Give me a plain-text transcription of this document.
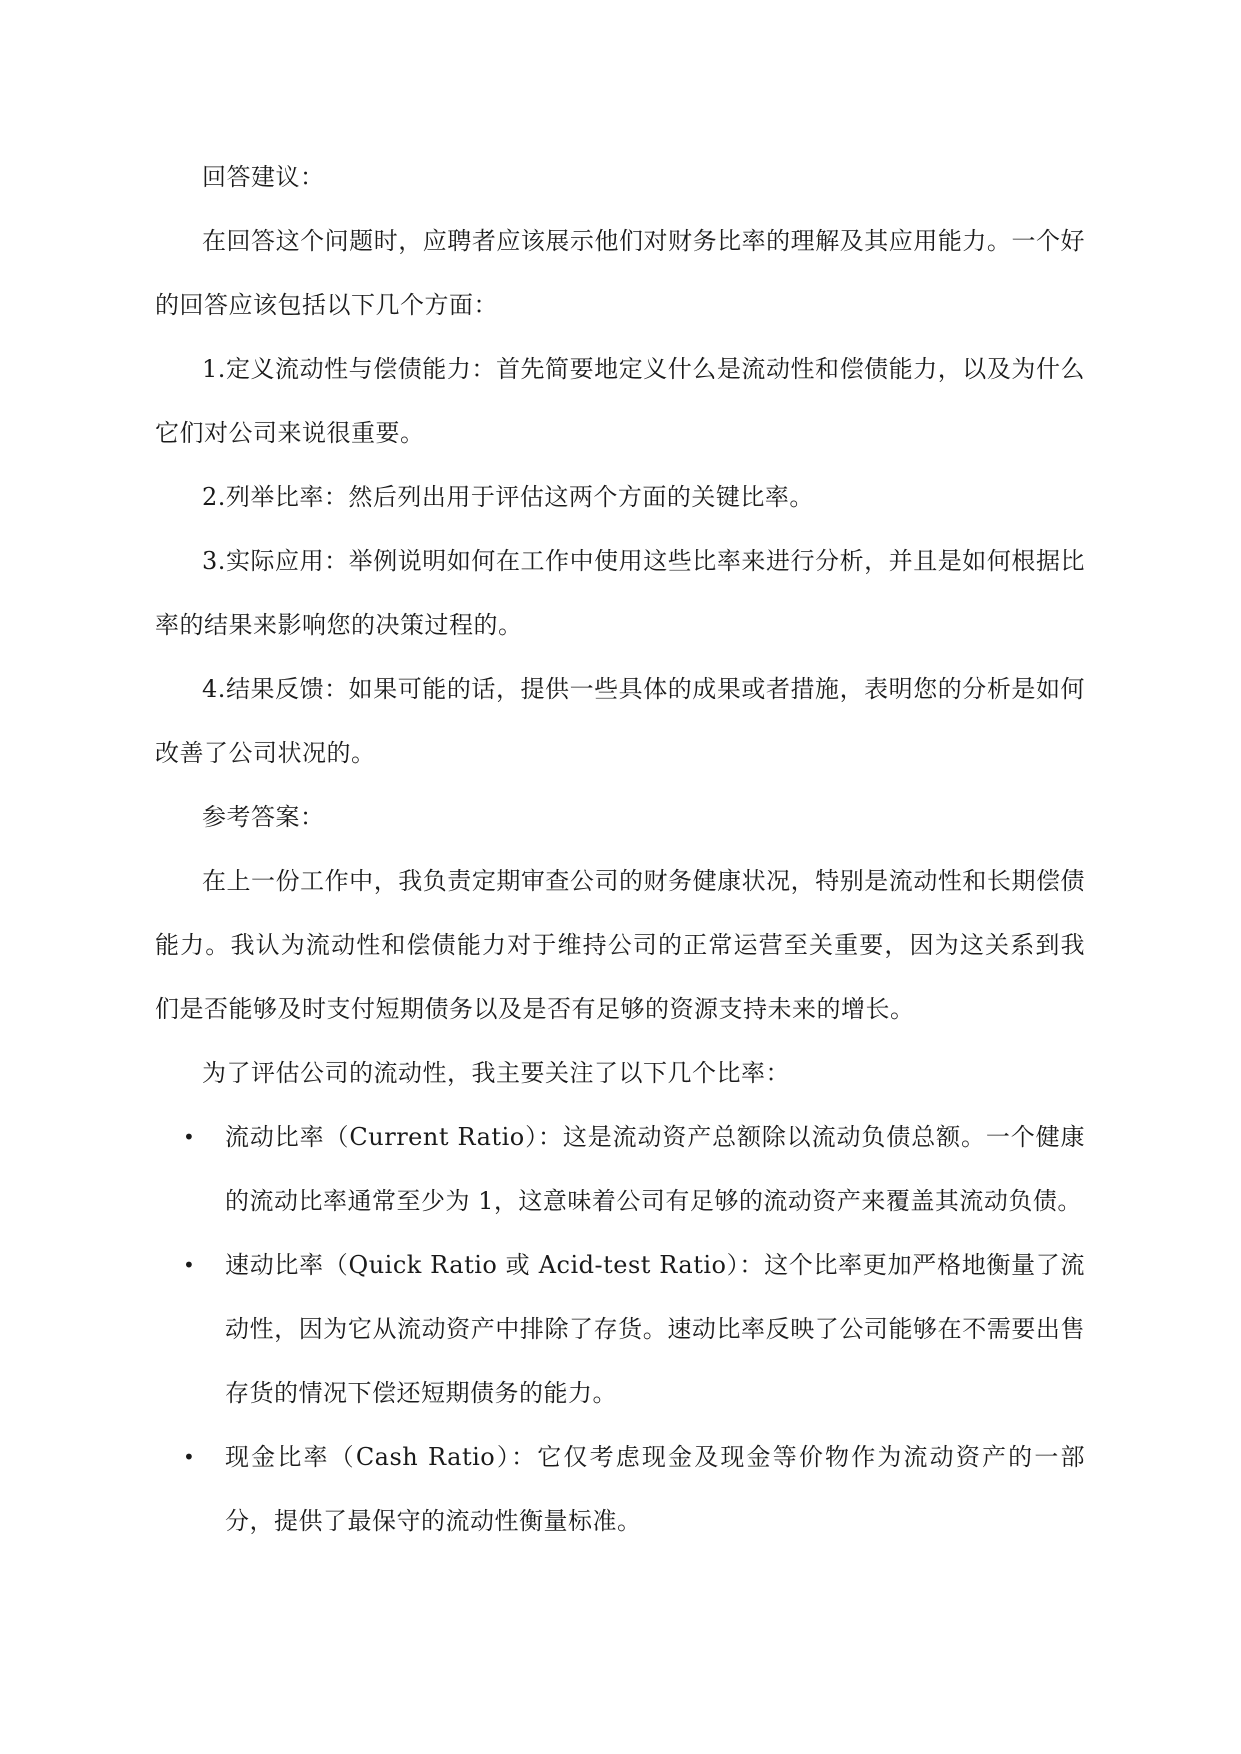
回答建议：

在回答这个问题时，应聘者应该展示他们对财务比率的理解及其应用能力。一个好的回答应该包括以下几个方面：

1.定义流动性与偿债能力：首先简要地定义什么是流动性和偿债能力，以及为什么它们对公司来说很重要。

2.列举比率：然后列出用于评估这两个方面的关键比率。

3.实际应用：举例说明如何在工作中使用这些比率来进行分析，并且是如何根据比率的结果来影响您的决策过程的。

4.结果反馈：如果可能的话，提供一些具体的成果或者措施，表明您的分析是如何改善了公司状况的。

参考答案：

在上一份工作中，我负责定期审查公司的财务健康状况，特别是流动性和长期偿债能力。我认为流动性和偿债能力对于维持公司的正常运营至关重要，因为这关系到我们是否能够及时支付短期债务以及是否有足够的资源支持未来的增长。

为了评估公司的流动性，我主要关注了以下几个比率：

• 流动比率（Current Ratio）：这是流动资产总额除以流动负债总额。一个健康的流动比率通常至少为 1，这意味着公司有足够的流动资产来覆盖其流动负债。
• 速动比率（Quick Ratio 或 Acid-test Ratio）：这个比率更加严格地衡量了流动性，因为它从流动资产中排除了存货。速动比率反映了公司能够在不需要出售存货的情况下偿还短期债务的能力。
• 现金比率（Cash Ratio）：它仅考虑现金及现金等价物作为流动资产的一部分，提供了最保守的流动性衡量标准。
